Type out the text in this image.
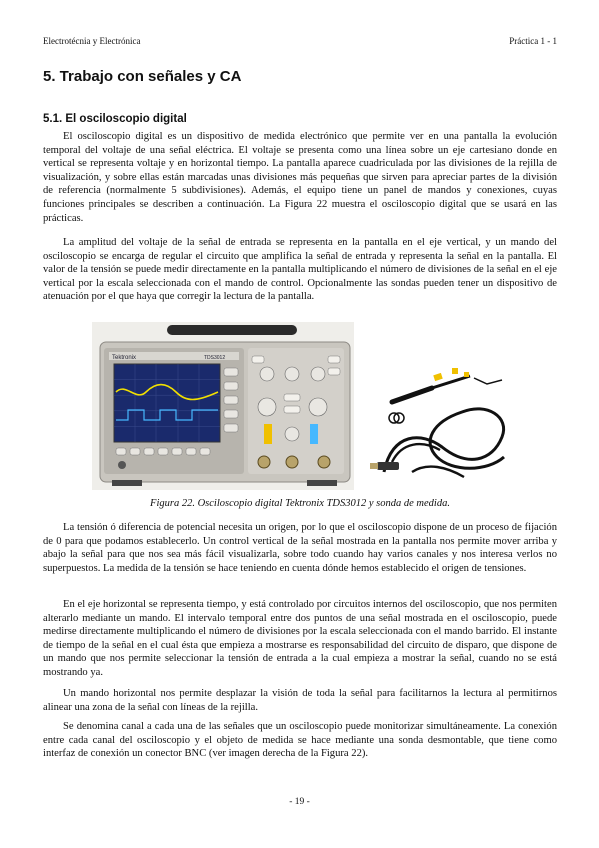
Electrotécnia y Electrónica	Práctica 1 - 1
5. Trabajo con señales y CA
5.1. El osciloscopio digital

El osciloscopio digital es un dispositivo de medida electrónico que permite ver en una pantalla la evolución temporal del voltaje de una señal eléctrica. El voltaje se presenta como una línea sobre un eje cartesiano donde en vertical se representa voltaje y en horizontal tiempo. La pantalla aparece cuadriculada por las divisiones de la rejilla de visualización, y sobre ellas están marcadas unas divisiones más pequeñas que sirven para apreciar partes de la división de referencia (normalmente 5 subdivisiones). Además, el equipo tiene un panel de mandos y conexiones, cuyas funciones principales se describen a continuación. La Figura 22 muestra el osciloscopio digital que se usará en las prácticas.

La amplitud del voltaje de la señal de entrada se representa en la pantalla en el eje vertical, y un mando del osciloscopio se encarga de regular el circuito que amplifica la señal de entrada y representa la señal en la pantalla. El valor de la tensión se puede medir directamente en la pantalla multiplicando el número de divisiones de la señal en el eje vertical por la escala seleccionada con el mando de control. Opcionalmente las sondas pueden tener un dispositivo de atenuación por el que haya que corregir la lectura de la pantalla.

Tektronix	TDS3012
Figura 22. Osciloscopio digital Tektronix TDS3012 y sonda de medida.

La tensión ó diferencia de potencial necesita un origen, por lo que el osciloscopio dispone de un proceso de fijación de 0 para que podamos establecerlo. Un control vertical de la señal mostrada en la pantalla nos permite mover arriba y abajo la señal para que nos sea más fácil visualizarla, sobre todo cuando hay varios canales y nos interesa verlos no superpuestos. La medida de la tensión se hace teniendo en cuenta dónde hemos establecido el origen de tensiones.

En el eje horizontal se representa tiempo, y está controlado por circuitos internos del osciloscopio, que nos permiten alterarlo mediante un mando. El intervalo temporal entre dos puntos de una señal mostrada en el osciloscopio, puede medirse directamente multiplicando el número de divisiones por la escala seleccionada con el mando barrido. El instante de tiempo de la señal en el cual ésta que empieza a mostrarse es responsabilidad del circuito de disparo, que dispone de un mando que nos permite seleccionar la tensión de entrada a la cual empieza a mostrar la señal, cuando no se está mostrando ya.

Un mando horizontal nos permite desplazar la visión de toda la señal para facilitarnos la lectura al permitirnos alinear una zona de la señal con líneas de la rejilla.

Se denomina canal a cada una de las señales que un osciloscopio puede monitorizar simultáneamente. La conexión entre cada canal del osciloscopio y el objeto de medida se hace mediante una sonda desmontable, que tiene como interfaz de conexión un conector BNC (ver imagen derecha de la Figura 22).

- 19 -
